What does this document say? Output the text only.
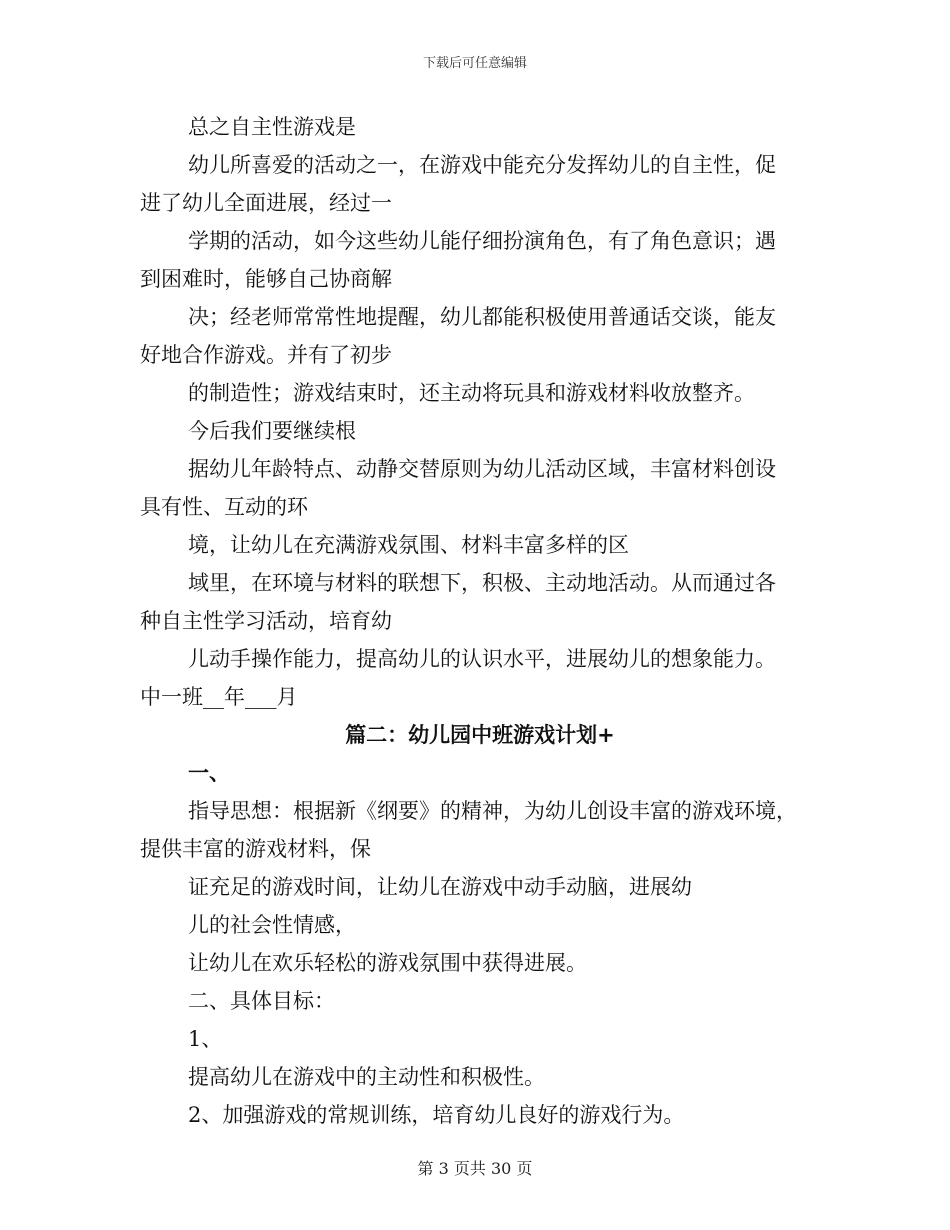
下载后可任意编辑
总之自主性游戏是
幼儿所喜爱的活动之一，在游戏中能充分发挥幼儿的自主性，促
进了幼儿全面进展，经过一
学期的活动，如今这些幼儿能仔细扮演角色，有了角色意识；遇
到困难时，能够自己协商解
决；经老师常常性地提醒，幼儿都能积极使用普通话交谈，能友
好地合作游戏。并有了初步
的制造性；游戏结束时，还主动将玩具和游戏材料收放整齐。
今后我们要继续根
据幼儿年龄特点、动静交替原则为幼儿活动区域，丰富材料创设
具有性、互动的环
境，让幼儿在充满游戏氛围、材料丰富多样的区
域里，在环境与材料的联想下，积极、主动地活动。从而通过各
种自主性学习活动，培育幼
儿动手操作能力，提高幼儿的认识水平，进展幼儿的想象能力。
中一班__年___月
篇二：幼儿园中班游戏计划+
一、
指导思想：根据新《纲要》的精神，为幼儿创设丰富的游戏环境，
提供丰富的游戏材料，保
证充足的游戏时间，让幼儿在游戏中动手动脑，进展幼
儿的社会性情感，
让幼儿在欢乐轻松的游戏氛围中获得进展。
二、具体目标：
1、
提高幼儿在游戏中的主动性和积极性。
2、加强游戏的常规训练，培育幼儿良好的游戏行为。
第 3 页共 30 页
